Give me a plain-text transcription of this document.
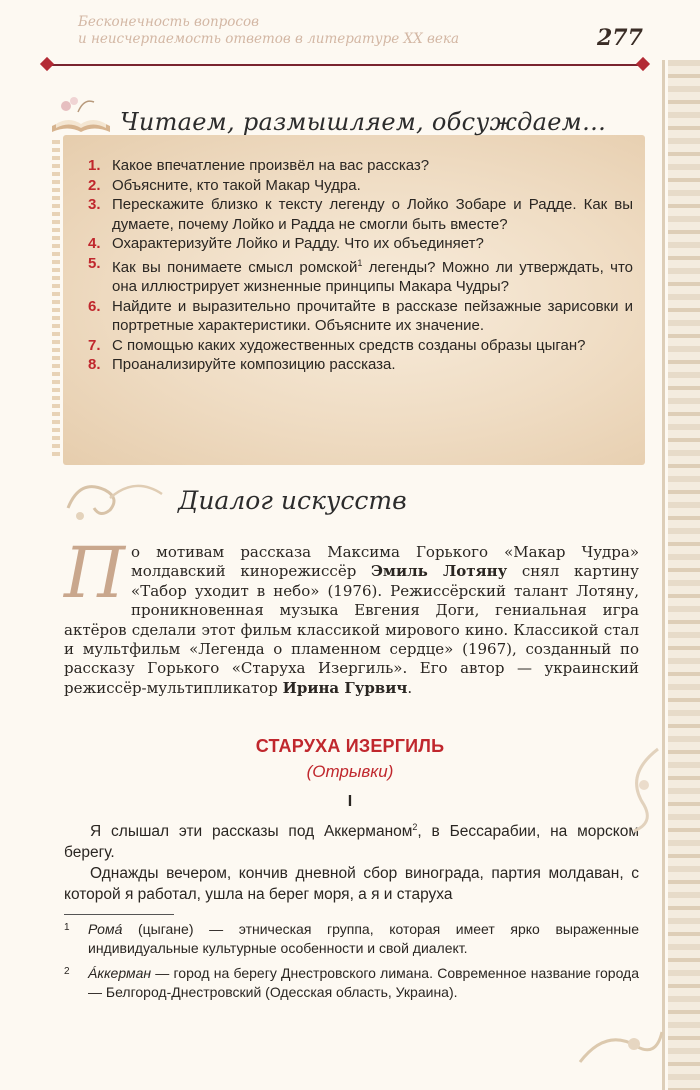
Бесконечность вопросов
и неисчерпаемость ответов в литературе XX века	277
Читаем, размышляем, обсуждаем…
1. Какое впечатление произвёл на вас рассказ?
2. Объясните, кто такой Макар Чудра.
3. Перескажите близко к тексту легенду о Лойко Зобаре и Радде. Как вы думаете, почему Лойко и Радда не смогли быть вместе?
4. Охарактеризуйте Лойко и Радду. Что их объединяет?
5. Как вы понимаете смысл ромской$^1$ легенды? Можно ли утверждать, что она иллюстрирует жизненные принципы Макара Чудры?
6. Найдите и выразительно прочитайте в рассказе пейзажные зарисовки и портретные характеристики. Объясните их значение.
7. С помощью каких художественных средств созданы образы цыган?
8. Проанализируйте композицию рассказа.
Диалог искусств
По мотивам рассказа Максима Горького «Макар Чудра» молдавский кинорежиссёр Эмиль Лотяну снял картину «Табор уходит в небо» (1976). Режиссёрский талант Лотяну, проникновенная музыка Евгения Доги, гениальная игра актёров сделали этот фильм классикой мирового кино. Классикой стал и мультфильм «Легенда о пламенном сердце» (1967), созданный по рассказу Горького «Старуха Изергиль». Его автор — украинский режиссёр-мультипликатор Ирина Гурвич.
СТАРУХА ИЗЕРГИЛЬ
(Отрывки)
I

Я слышал эти рассказы под Аккерманом$^2$, в Бессарабии, на морском берегу.

Однажды вечером, кончив дневной сбор винограда, партия молдаван, с которой я работал, ушла на берег моря, а я и старуха

1 Ромá (цыгане) — этническая группа, которая имеет ярко выраженные индивидуальные культурные особенности и свой диалект.
2 Áккерман — город на берегу Днестровского лимана. Современное название города — Белгород-Днестровский (Одесская область, Украина).
